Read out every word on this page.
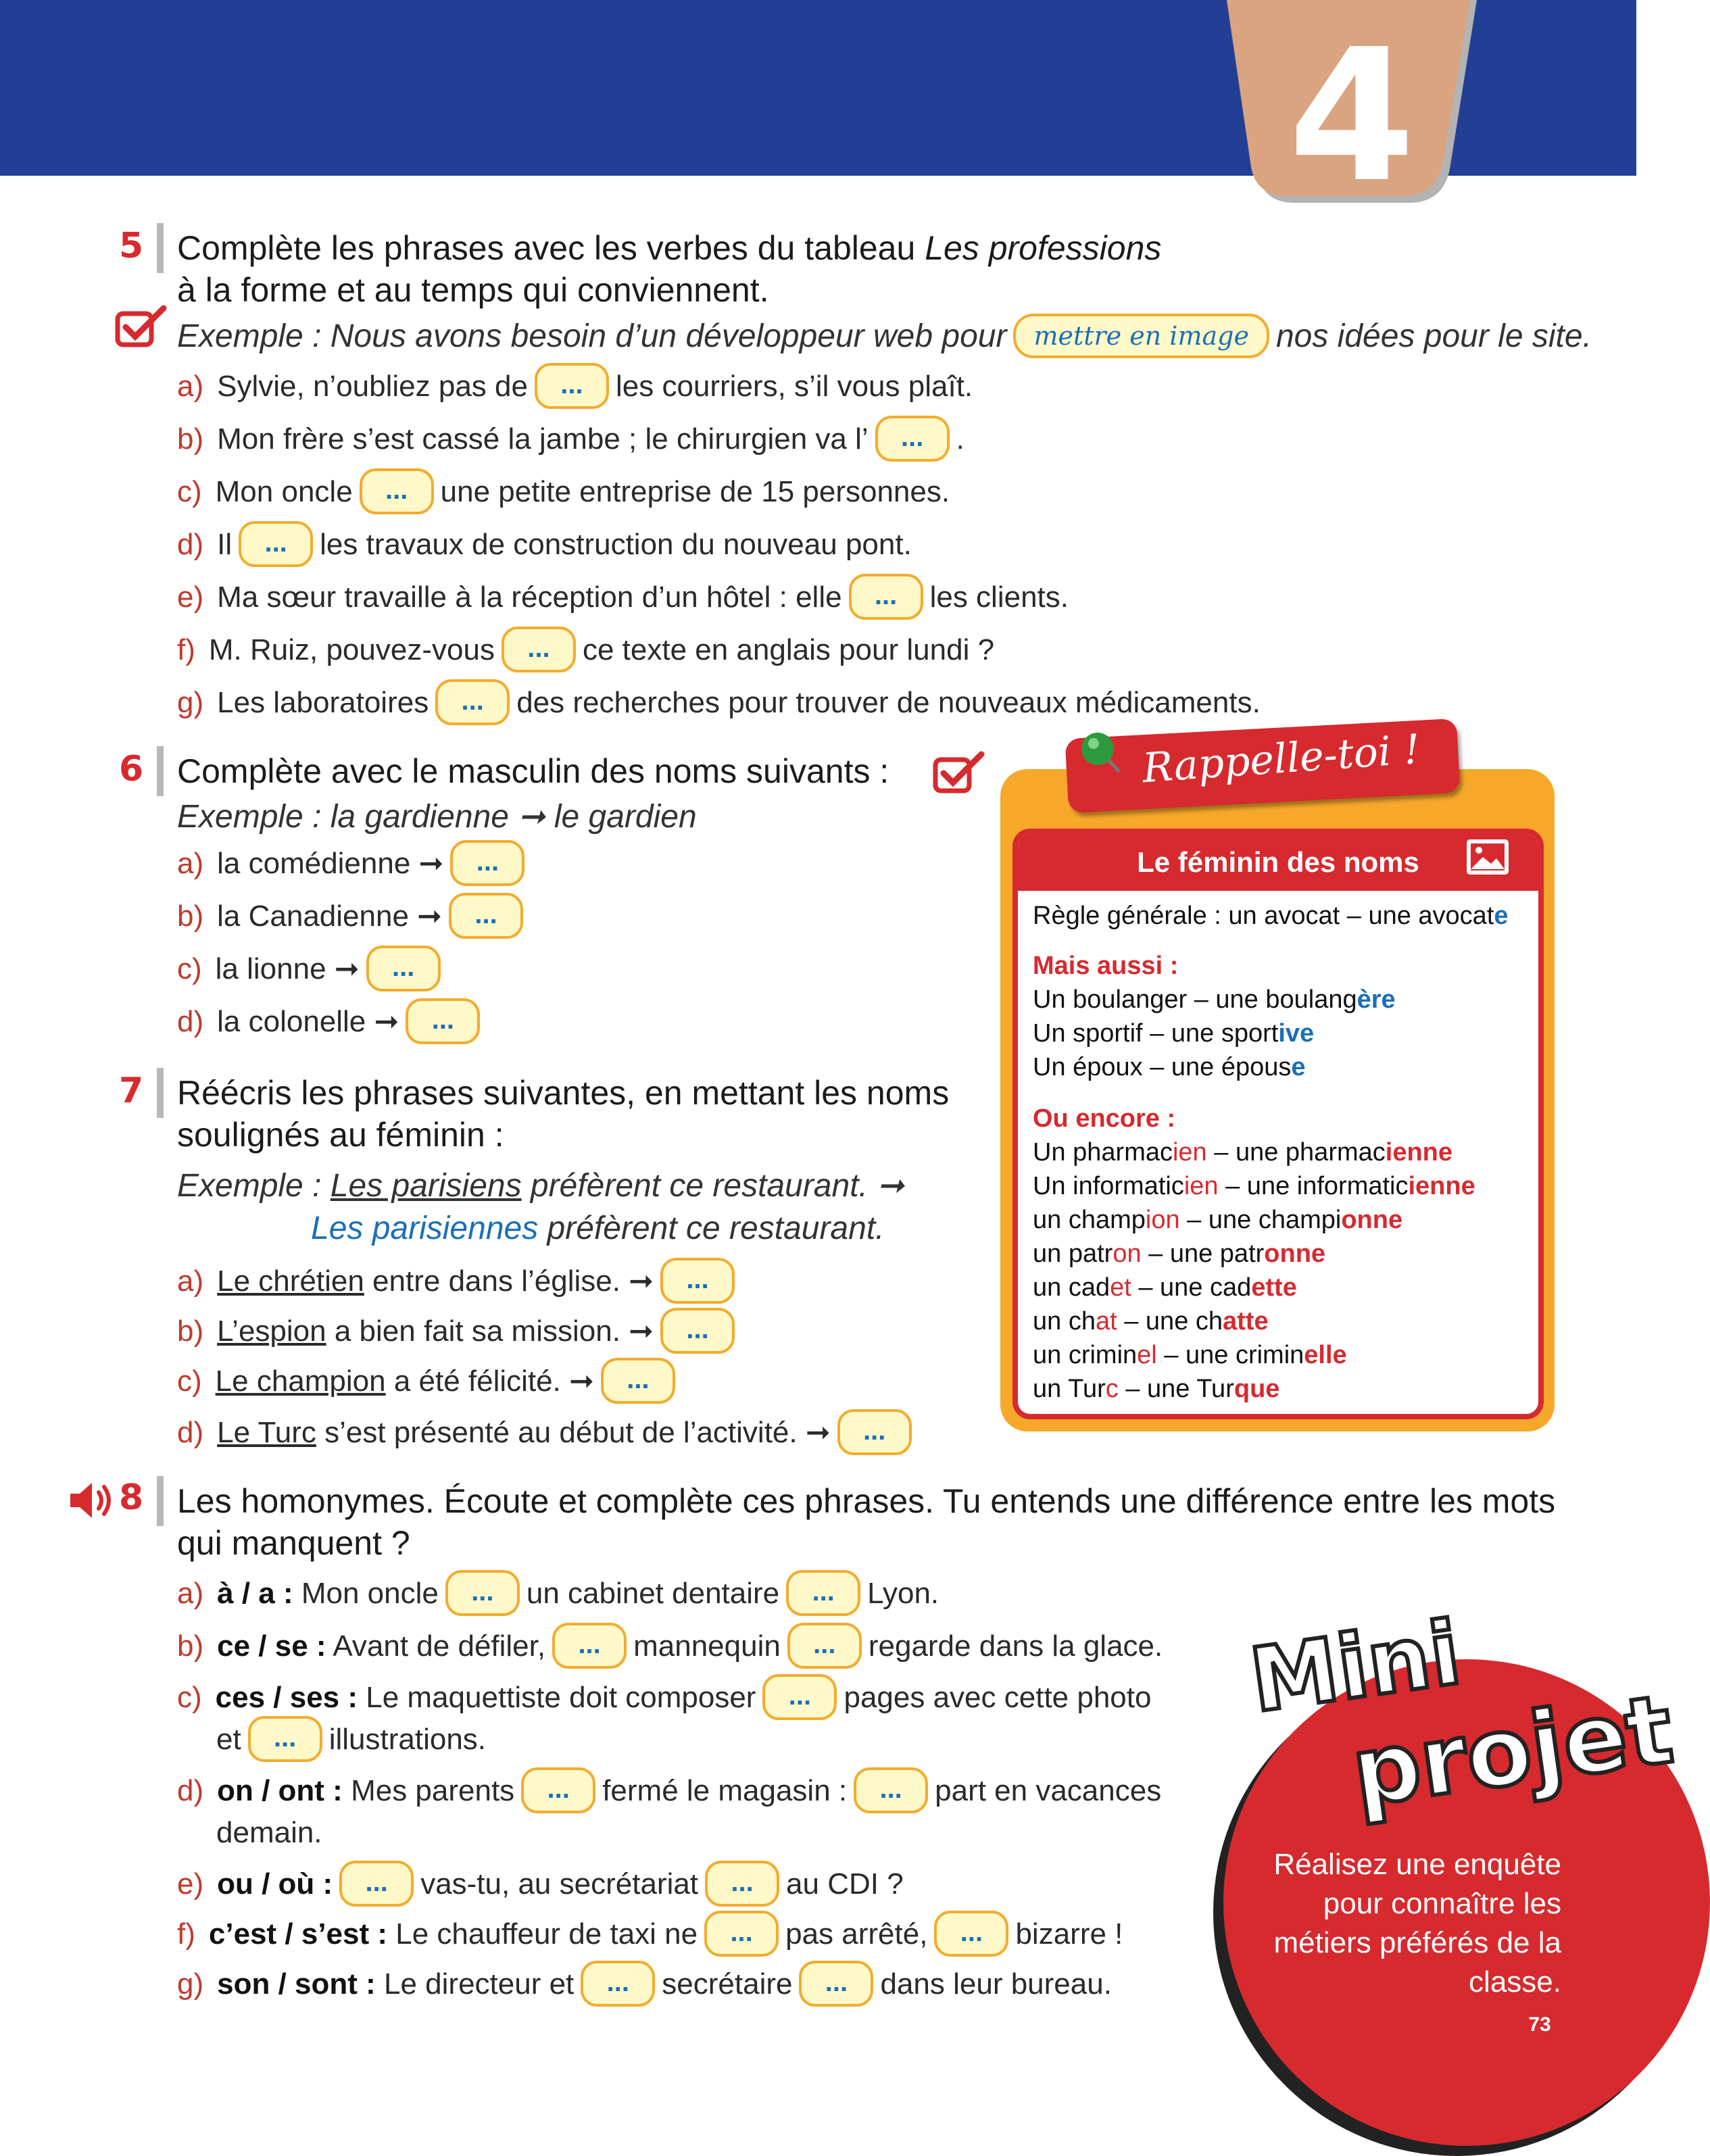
4
5 Complète les phrases avec les verbes du tableau Les professions
à la forme et au temps qui conviennent.
Exemple : Nous avons besoin d’un développeur web pour mettre en image nos idées pour le site.
a) Sylvie, n’oubliez pas de ... les courriers, s’il vous plaît.
b) Mon frère s’est cassé la jambe ; le chirurgien va l’ ... .
c) Mon oncle ... une petite entreprise de 15 personnes.
d) Il ... les travaux de construction du nouveau pont.
e) Ma sœur travaille à la réception d’un hôtel : elle ... les clients.
f) M. Ruiz, pouvez-vous ... ce texte en anglais pour lundi ?
g) Les laboratoires ... des recherches pour trouver de nouveaux médicaments.
6 Complète avec le masculin des noms suivants :
Exemple : la gardienne ➞ le gardien
a) la comédienne ➞ ...
b) la Canadienne ➞ ...
c) la lionne ➞ ...
d) la colonelle ➞ ...
7 Réécris les phrases suivantes, en mettant les noms
soulignés au féminin :
Exemple : Les parisiens préfèrent ce restaurant. ➞
Les parisiennes préfèrent ce restaurant.
a) Le chrétien entre dans l’église. ➞ ...
b) L’espion a bien fait sa mission. ➞ ...
c) Le champion a été félicité. ➞ ...
d) Le Turc s’est présenté au début de l’activité. ➞ ...
Le féminin des noms
Rappelle-toi !
Règle générale : un avocat – une avocate
Mais aussi :
Un boulanger – une boulangère
Un sportif – une sportive
Un époux – une épouse
Ou encore :
Un pharmacien – une pharmacienne
Un informaticien – une informaticienne
un champion – une championne
un patron – une patronne
un cadet – une cadette
un chat – une chatte
un criminel – une criminelle
un Turc – une Turque
8 Les homonymes. Écoute et complète ces phrases. Tu entends une différence entre les mots
qui manquent ?
a) à / a : Mon oncle ... un cabinet dentaire ... Lyon.
b) ce / se : Avant de défiler, ... mannequin ... regarde dans la glace.
c) ces / ses : Le maquettiste doit composer ... pages avec cette photo
et ... illustrations.
d) on / ont : Mes parents ... fermé le magasin : ... part en vacances
demain.
e) ou / où : ... vas-tu, au secrétariat ... au CDI ?
f) c’est / s’est : Le chauffeur de taxi ne ... pas arrêté, ... bizarre !
g) son / sont : Le directeur et ... secrétaire ... dans leur bureau.
Mini
projet
Réalisez une enquête pour connaître les métiers préférés de la classe.
73
